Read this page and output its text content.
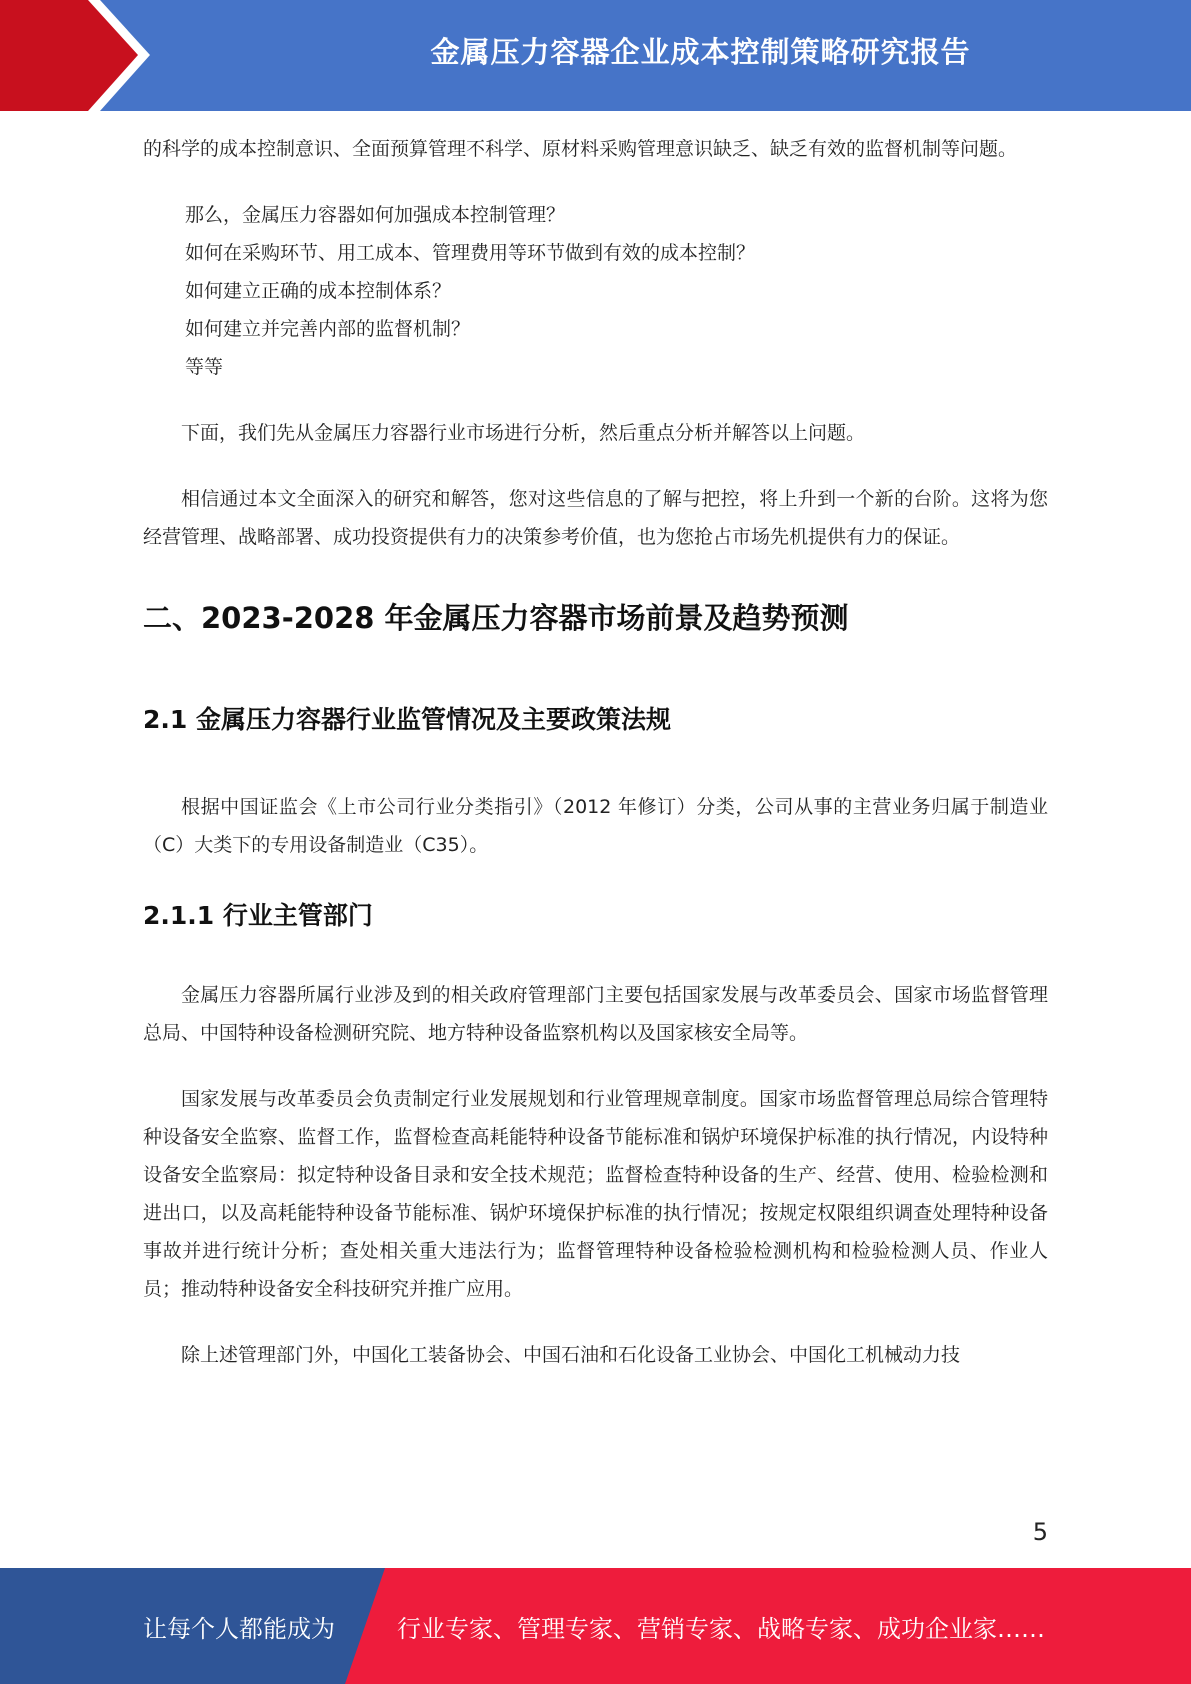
金属压力容器企业成本控制策略研究报告

的科学的成本控制意识、全面预算管理不科学、原材料采购管理意识缺乏、缺乏有效的监督机制等问题。

那么，金属压力容器如何加强成本控制管理？

如何在采购环节、用工成本、管理费用等环节做到有效的成本控制？

如何建立正确的成本控制体系？

如何建立并完善内部的监督机制？

等等

下面，我们先从金属压力容器行业市场进行分析，然后重点分析并解答以上问题。

相信通过本文全面深入的研究和解答，您对这些信息的了解与把控，将上升到一个新的台阶。这将为您经营管理、战略部署、成功投资提供有力的决策参考价值，也为您抢占市场先机提供有力的保证。

二、2023-2028 年金属压力容器市场前景及趋势预测
2.1 金属压力容器行业监管情况及主要政策法规

根据中国证监会《上市公司行业分类指引》（2012 年修订）分类，公司从事的主营业务归属于制造业（C）大类下的专用设备制造业（C35）。

2.1.1 行业主管部门

金属压力容器所属行业涉及到的相关政府管理部门主要包括国家发展与改革委员会、国家市场监督管理总局、中国特种设备检测研究院、地方特种设备监察机构以及国家核安全局等。

国家发展与改革委员会负责制定行业发展规划和行业管理规章制度。国家市场监督管理总局综合管理特种设备安全监察、监督工作，监督检查高耗能特种设备节能标准和锅炉环境保护标准的执行情况，内设特种设备安全监察局：拟定特种设备目录和安全技术规范；监督检查特种设备的生产、经营、使用、检验检测和进出口，以及高耗能特种设备节能标准、锅炉环境保护标准的执行情况；按规定权限组织调查处理特种设备事故并进行统计分析；查处相关重大违法行为；监督管理特种设备检验检测机构和检验检测人员、作业人员；推动特种设备安全科技研究并推广应用。

除上述管理部门外，中国化工装备协会、中国石油和石化设备工业协会、中国化工机械动力技

5
让每个人都能成为	行业专家、管理专家、营销专家、战略专家、成功企业家……
